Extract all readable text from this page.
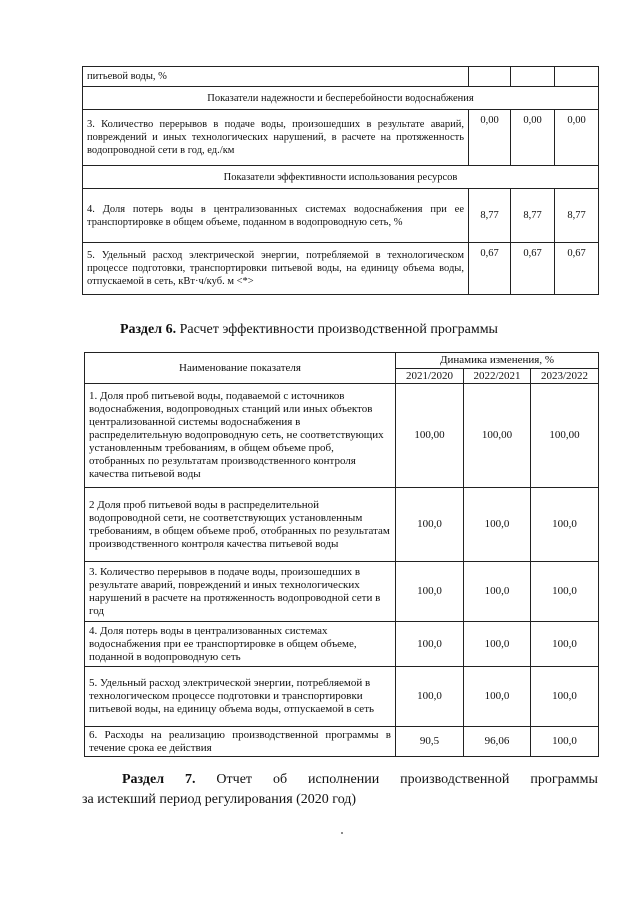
питьевой воды, %			
Показатели надежности и бесперебойности водоснабжения			
3. Количество перерывов в подаче воды, произошедших в результате аварий, повреждений и иных технологических нарушений, в расчете на протяженность водопроводной сети в год, ед./км	0,00	0,00	0,00
Показатели эффективности использования ресурсов			
4. Доля потерь воды в централизованных системах водоснабжения при ее транспортировке в общем объеме, поданном в водопроводную сеть, %	8,77	8,77	8,77
5. Удельный расход электрической энергии, потребляемой в технологическом процессе подготовки, транспортировки питьевой воды, на единицу объема воды, отпускаемой в сеть, кВт·ч/куб. м <*>	0,67	0,67	0,67
Раздел 6. Расчет эффективности производственной программы
Наименование показателя	Динамика изменения, %		
	2021/2020	2022/2021	2023/2022
1. Доля проб питьевой воды, подаваемой с источников водоснабжения, водопроводных станций или иных объектов централизованной системы водоснабжения в распределительную водопроводную сеть, не соответствующих установленным требованиям, в общем объеме проб, отобранных по результатам производственного контроля качества питьевой воды	100,00	100,00	100,00
2 Доля проб питьевой воды в распределительной водопроводной сети, не соответствующих установленным требованиям, в общем объеме проб, отобранных по результатам производственного контроля качества питьевой воды	100,0	100,0	100,0
3. Количество перерывов в подаче воды, произошедших в результате аварий, повреждений и иных технологических нарушений в расчете на протяженность водопроводной сети в год	100,0	100,0	100,0
4. Доля потерь воды в централизованных системах водоснабжения при ее транспортировке в общем объеме, поданной в водопроводную сеть	100,0	100,0	100,0
5. Удельный расход электрической энергии, потребляемой в технологическом процессе подготовки и транспортировки питьевой воды, на единицу объема воды, отпускаемой в сеть	100,0	100,0	100,0
6. Расходы на реализацию производственной программы в течение срока ее действия	90,5	96,06	100,0
Раздел 7. Отчет об исполнении производственной программы
за истекший период регулирования (2020 год)
